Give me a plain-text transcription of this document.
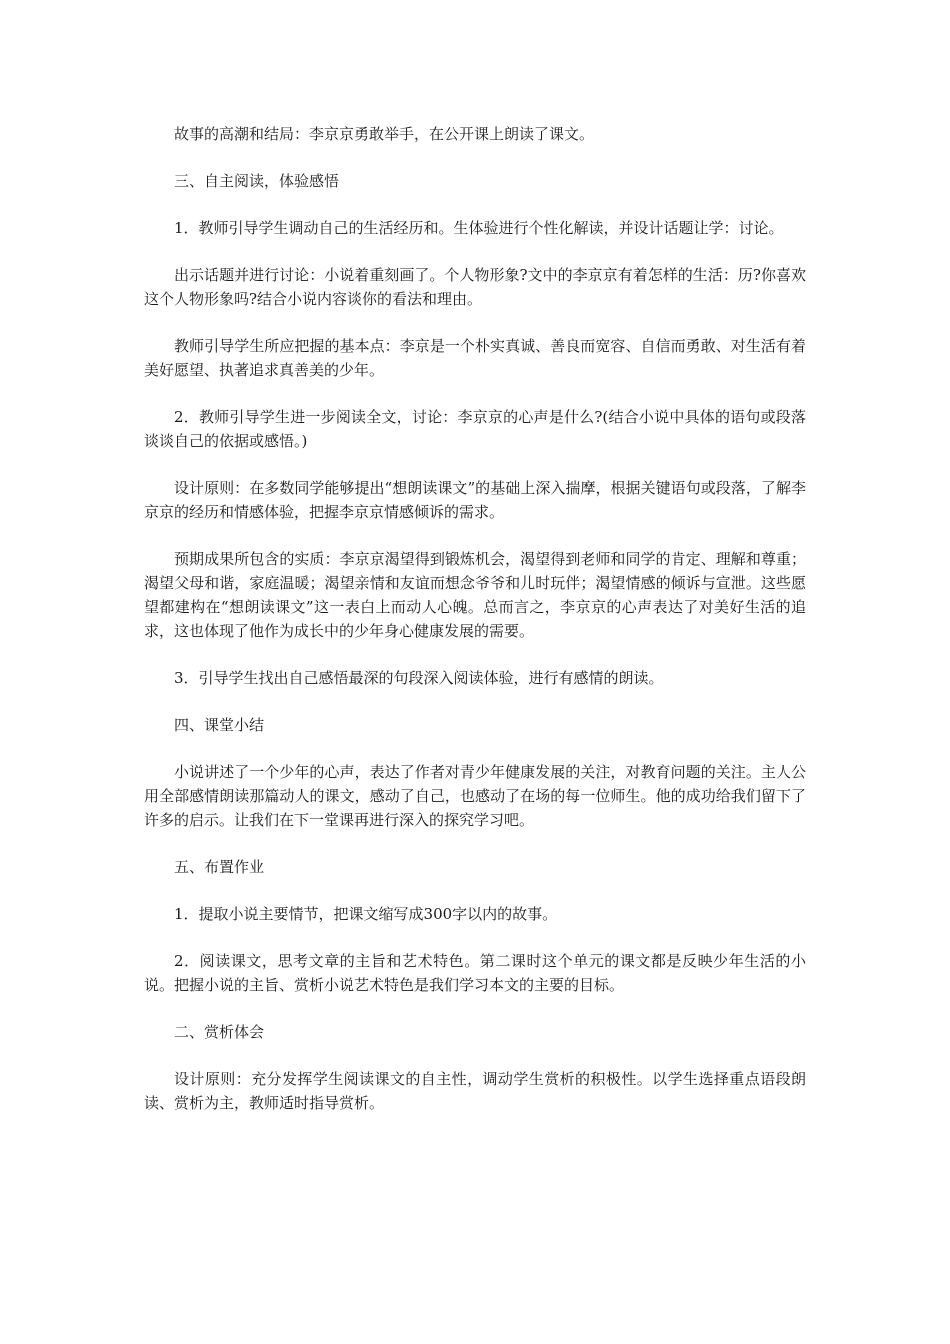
故事的高潮和结局：李京京勇敢举手，在公开课上朗读了课文。

三、自主阅读，体验感悟

1．教师引导学生调动自己的生活经历和。生体验进行个性化解读，并设计话题让学：讨论。

出示话题并进行讨论：小说着重刻画了。个人物形象?文中的李京京有着怎样的生活：历?你喜欢这个人物形象吗?结合小说内容谈你的看法和理由。

教师引导学生所应把握的基本点：李京是一个朴实真诚、善良而宽容、自信而勇敢、对生活有着美好愿望、执著追求真善美的少年。

2．教师引导学生进一步阅读全文，讨论：李京京的心声是什么?(结合小说中具体的语句或段落谈谈自己的依据或感悟。)

设计原则：在多数同学能够提出“想朗读课文”的基础上深入揣摩，根据关键语句或段落，了解李京京的经历和情感体验，把握李京京情感倾诉的需求。

预期成果所包含的实质：李京京渴望得到锻炼机会，渴望得到老师和同学的肯定、理解和尊重；渴望父母和谐，家庭温暖；渴望亲情和友谊而想念爷爷和儿时玩伴；渴望情感的倾诉与宣泄。这些愿望都建构在“想朗读课文”这一表白上而动人心魄。总而言之，李京京的心声表达了对美好生活的追求，这也体现了他作为成长中的少年身心健康发展的需要。

3．引导学生找出自己感悟最深的句段深入阅读体验，进行有感情的朗读。

四、课堂小结

小说讲述了一个少年的心声，表达了作者对青少年健康发展的关注，对教育问题的关注。主人公用全部感情朗读那篇动人的课文，感动了自己，也感动了在场的每一位师生。他的成功给我们留下了许多的启示。让我们在下一堂课再进行深入的探究学习吧。

五、布置作业

1．提取小说主要情节，把课文缩写成300字以内的故事。

2．阅读课文，思考文章的主旨和艺术特色。第二课时这个单元的课文都是反映少年生活的小说。把握小说的主旨、赏析小说艺术特色是我们学习本文的主要的目标。

二、赏析体会

设计原则：充分发挥学生阅读课文的自主性，调动学生赏析的积极性。以学生选择重点语段朗读、赏析为主，教师适时指导赏析。
